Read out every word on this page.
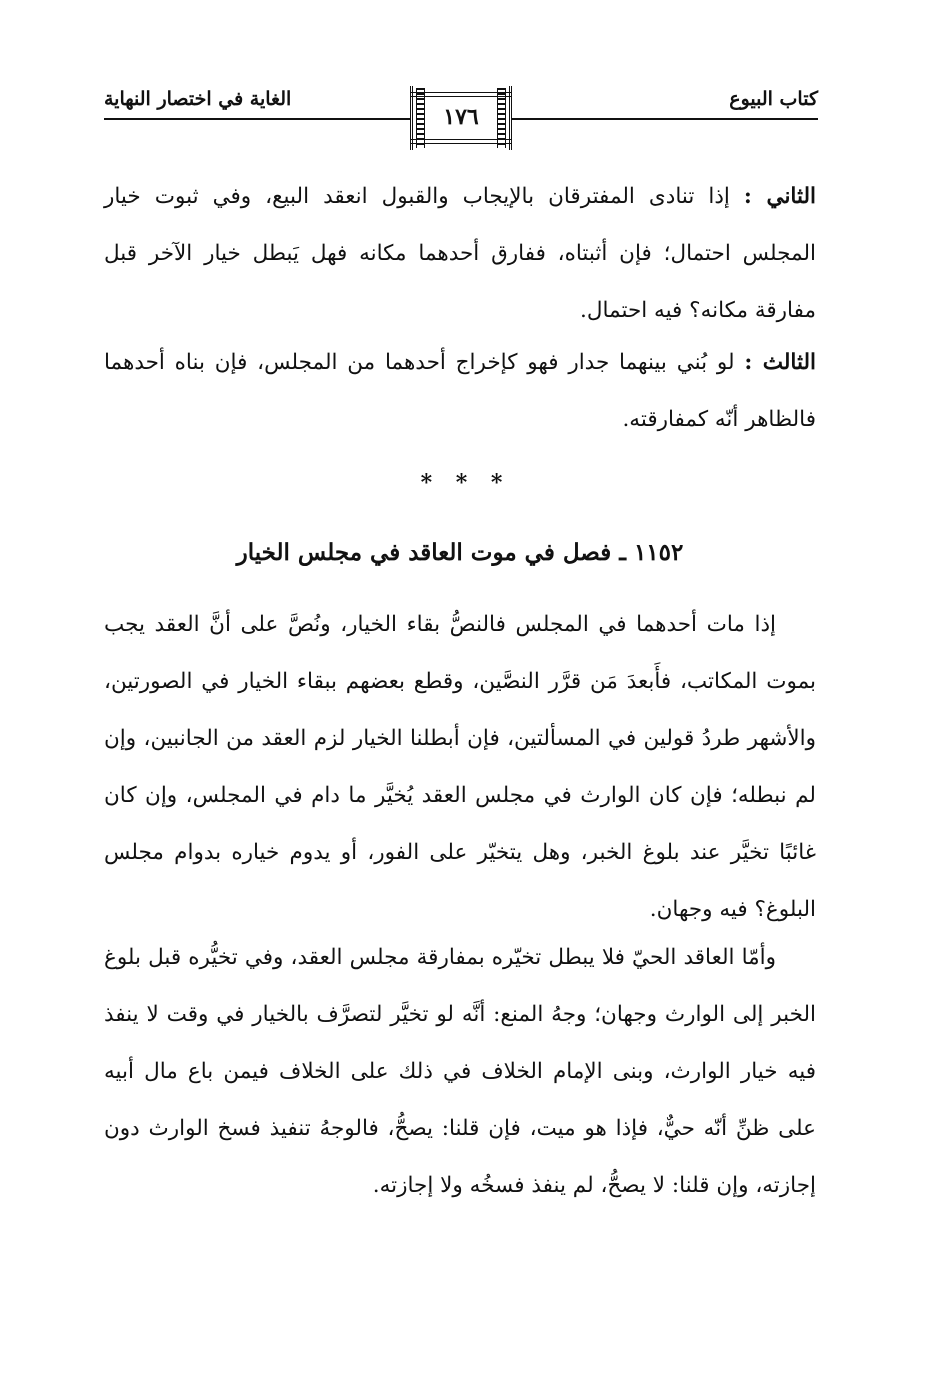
كتاب البيوع
الغاية في اختصار النهاية
١٧٦

الثاني : إذا تنادى المفترقان بالإيجاب والقبول انعقد البيع، وفي ثبوت خيار المجلس احتمال؛ فإن أثبتاه، ففارق أحدهما مكانه فهل يَبطل خيار الآخر قبل مفارقة مكانه؟ فيه احتمال.

الثالث : لو بُني بينهما جدار فهو كإخراج أحدهما من المجلس، فإن بناه أحدهما فالظاهر أنّه كمفارقته.

* * *
١١٥٢ ـ فصل في موت العاقد في مجلس الخيار

إذا مات أحدهما في المجلس فالنصُّ بقاء الخيار، ونُصَّ على أنَّ العقد يجب بموت المكاتب، فأَبعدَ مَن قرَّر النصَّين، وقطع بعضهم ببقاء الخيار في الصورتين، والأشهر طردُ قولين في المسألتين، فإن أبطلنا الخيار لزم العقد من الجانبين، وإن لم نبطله؛ فإن كان الوارث في مجلس العقد يُخيَّر ما دام في المجلس، وإن كان غائبًا تخيَّر عند بلوغ الخبر، وهل يتخيّر على الفور، أو يدوم خياره بدوام مجلس البلوغ؟ فيه وجهان.

وأمّا العاقد الحيّ فلا يبطل تخيّره بمفارقة مجلس العقد، وفي تخيُّره قبل بلوغ الخبر إلى الوارث وجهان؛ وجهُ المنع: أنَّه لو تخيَّر لتصرَّف بالخيار في وقت لا ينفذ فيه خيار الوارث، وبنى الإمام الخلاف في ذلك على الخلاف فيمن باع مال أبيه على ظنِّ أنّه حيٌّ، فإذا هو ميت، فإن قلنا: يصحُّ، فالوجهُ تنفيذ فسخ الوارث دون إجازته، وإن قلنا: لا يصحُّ، لم ينفذ فسخُه ولا إجازته.
